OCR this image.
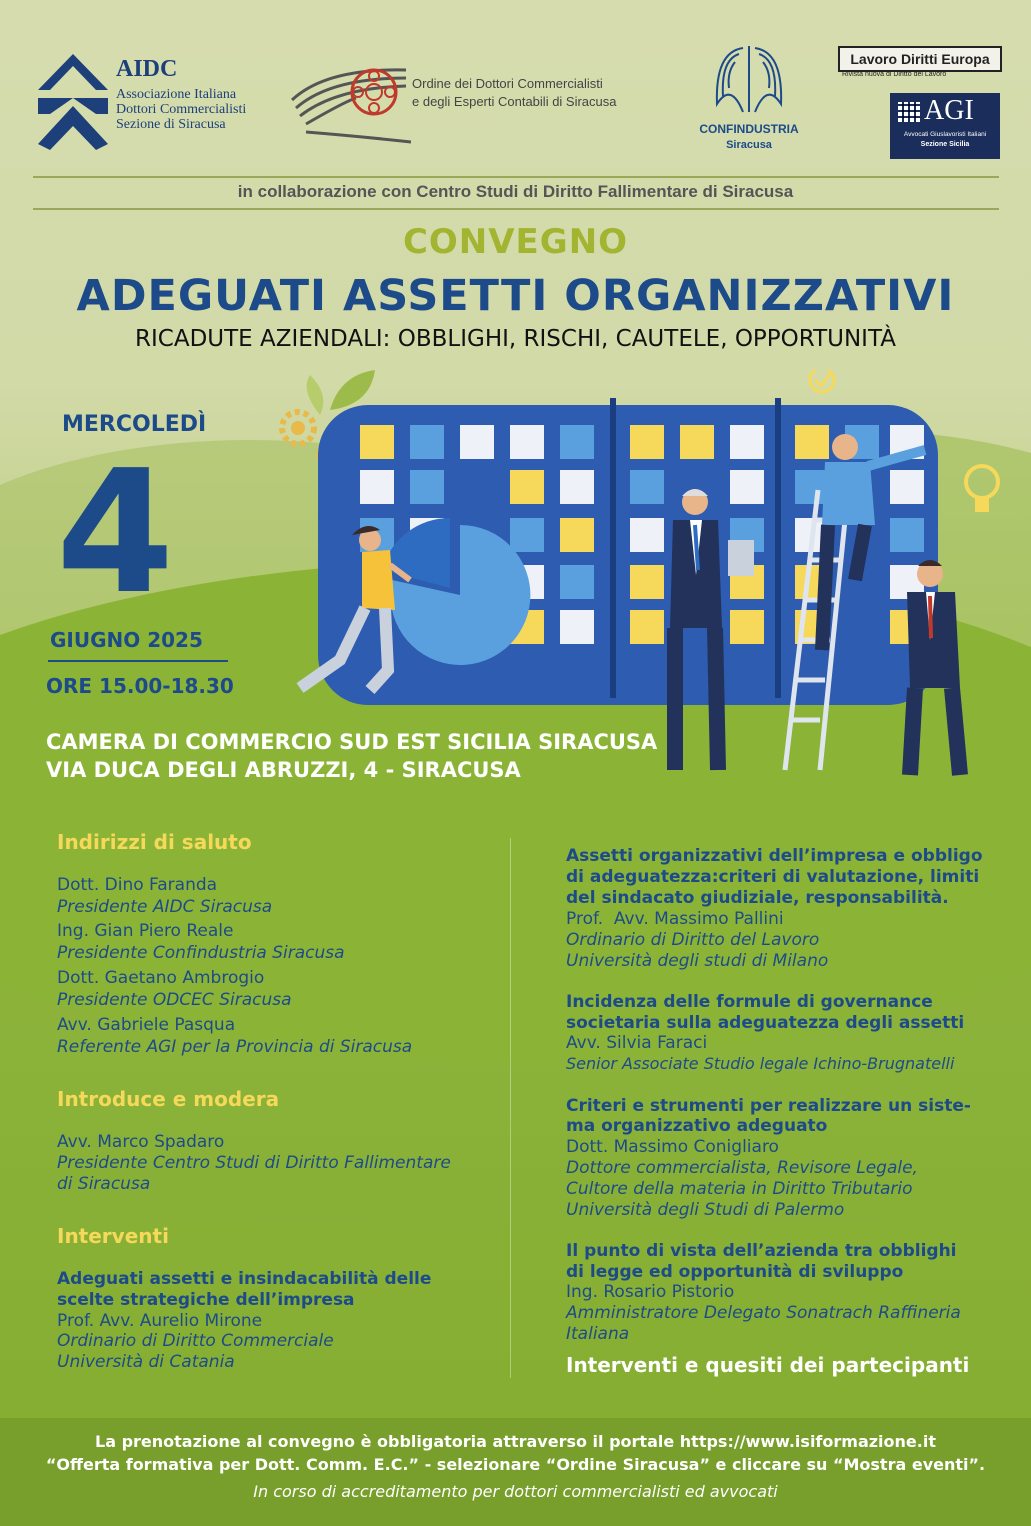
AIDC
Associazione Italiana
Dottori Commercialisti
Sezione di Siracusa
Ordine dei Dottori Commercialisti
e degli Esperti Contabili di Siracusa
CONFINDUSTRIA
Siracusa
Lavoro Diritti Europa
Rivista nuova di Diritto del Lavoro
AGI
Avvocati Giuslavoristi Italiani
Sezione Sicilia
in collaborazione con Centro Studi di Diritto Fallimentare di Siracusa
CONVEGNO
ADEGUATI ASSETTI ORGANIZZATIVI
RICADUTE AZIENDALI: OBBLIGHI, RISCHI, CAUTELE, OPPORTUNITÀ
MERCOLEDÌ
4
GIUGNO 2025
ORE 15.00-18.30
CAMERA DI COMMERCIO SUD EST SICILIA SIRACUSA
VIA DUCA DEGLI ABRUZZI, 4 - SIRACUSA
Indirizzi di saluto
Dott. Dino Faranda
Presidente AIDC Siracusa
Ing. Gian Piero Reale
Presidente Confindustria Siracusa
Dott. Gaetano Ambrogio
Presidente ODCEC Siracusa
Avv. Gabriele Pasqua
Referente AGI per la Provincia di Siracusa
Introduce e modera
Avv. Marco Spadaro
Presidente Centro Studi di Diritto Fallimentare
di Siracusa
Interventi
Adeguati assetti e insindacabilità delle
scelte strategiche dell’impresa
Prof. Avv. Aurelio Mirone
Ordinario di Diritto Commerciale
Università di Catania
Assetti organizzativi dell’impresa e obbligo
di adeguatezza:criteri di valutazione, limiti
del sindacato giudiziale, responsabilità.
Prof.  Avv. Massimo Pallini
Ordinario di Diritto del Lavoro
Università degli studi di Milano
Incidenza delle formule di governance
societaria sulla adeguatezza degli assetti
Avv. Silvia Faraci
Senior Associate Studio legale Ichino-Brugnatelli
Criteri e strumenti per realizzare un siste-
ma organizzativo adeguato
Dott. Massimo Conigliaro
Dottore commercialista, Revisore Legale,
Cultore della materia in Diritto Tributario
Università degli Studi di Palermo
Il punto di vista dell’azienda tra obblighi
di legge ed opportunità di sviluppo
Ing. Rosario Pistorio
Amministratore Delegato Sonatrach Raffineria
Italiana
Interventi e quesiti dei partecipanti
La prenotazione al convegno è obbligatoria attraverso il portale https://www.isiformazione.it
“Offerta formativa per Dott. Comm. E.C.” - selezionare “Ordine Siracusa” e cliccare su “Mostra eventi”.
In corso di accreditamento per dottori commercialisti ed avvocati
